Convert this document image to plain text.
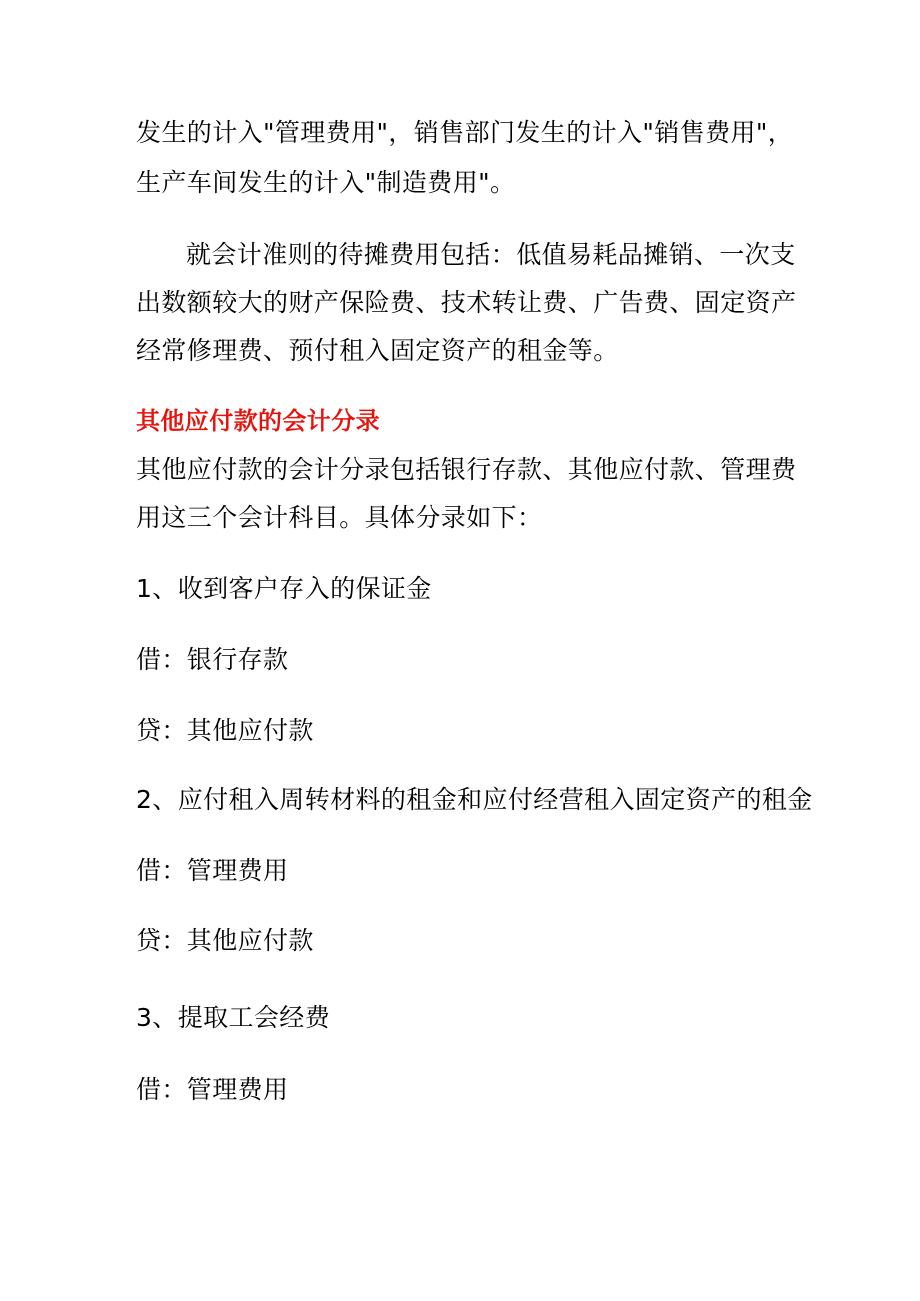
发生的计入"管理费用"，销售部门发生的计入"销售费用"，
生产车间发生的计入"制造费用"。
就会计准则的待摊费用包括：低值易耗品摊销、一次支
出数额较大的财产保险费、技术转让费、广告费、固定资产
经常修理费、预付租入固定资产的租金等。
其他应付款的会计分录
其他应付款的会计分录包括银行存款、其他应付款、管理费
用这三个会计科目。具体分录如下：
1、收到客户存入的保证金
借：银行存款
贷：其他应付款
2、应付租入周转材料的租金和应付经营租入固定资产的租金
借：管理费用
贷：其他应付款
3、提取工会经费
借：管理费用
